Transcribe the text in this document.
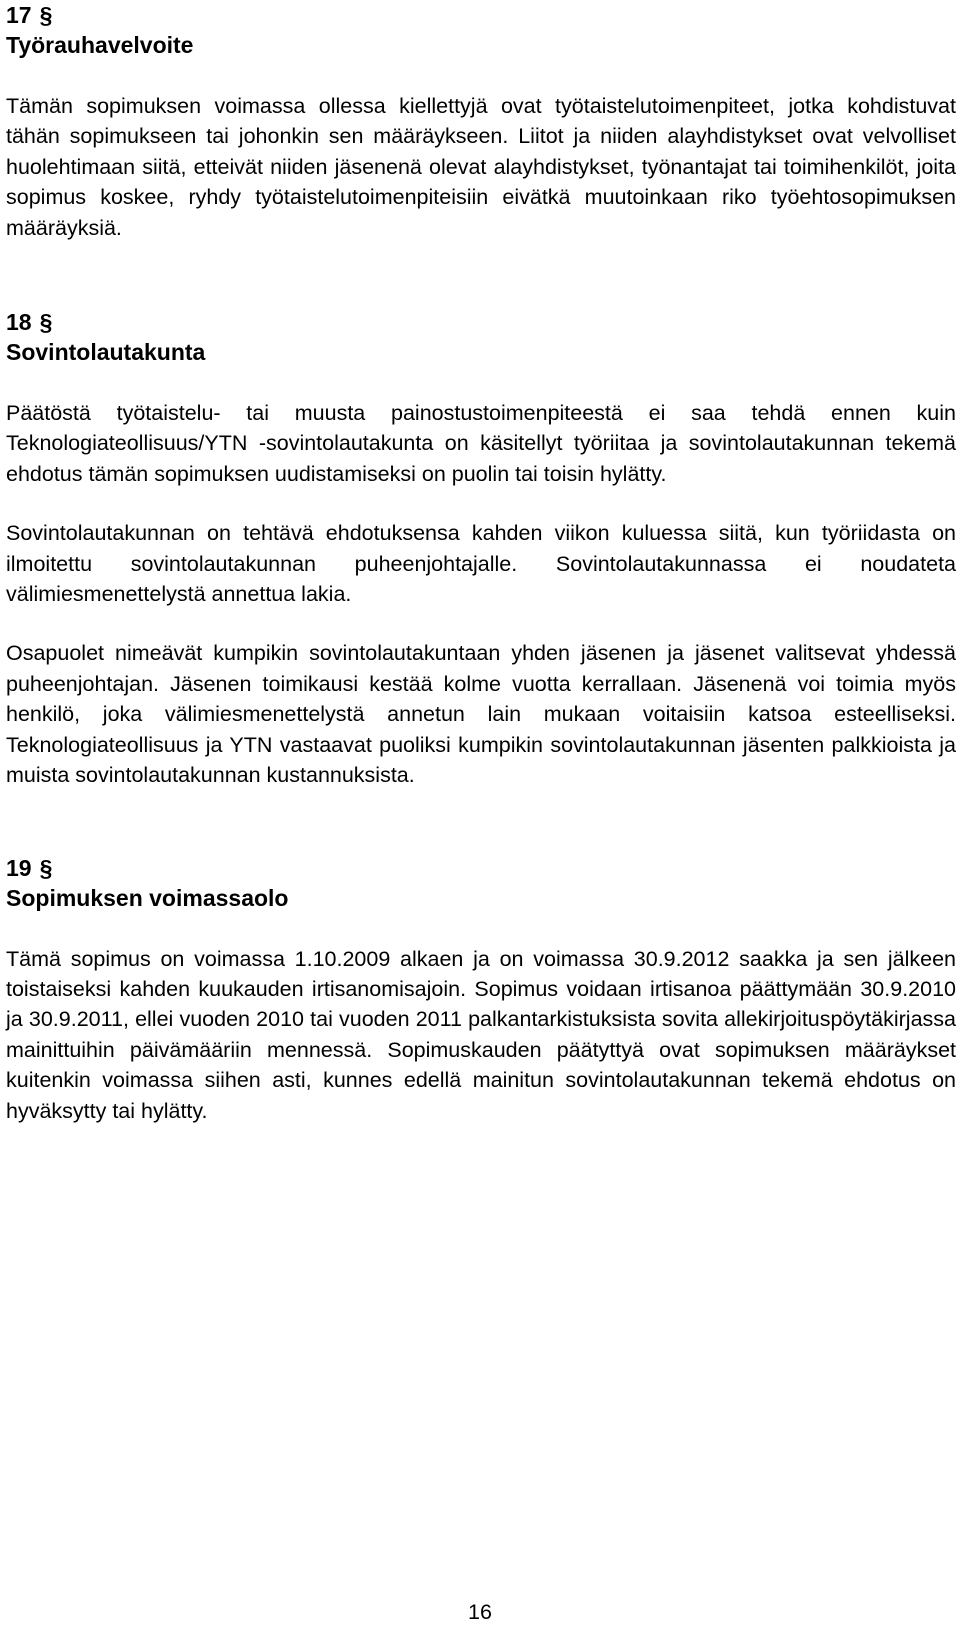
17 §
Työrauhavelvoite

Tämän sopimuksen voimassa ollessa kiellettyjä ovat työtaistelutoimenpiteet, jotka kohdistuvat tähän sopimukseen tai johonkin sen määräykseen. Liitot ja niiden alayhdistykset ovat velvolliset huolehtimaan siitä, etteivät niiden jäsenenä olevat alayhdistykset, työnantajat tai toimihenkilöt, joita sopimus koskee, ryhdy työtaistelutoimenpiteisiin eivätkä muutoinkaan riko työehtosopimuksen määräyksiä.

18 §
Sovintolautakunta

Päätöstä työtaistelu- tai muusta painostustoimenpiteestä ei saa tehdä ennen kuin Teknologiateollisuus/YTN -sovintolautakunta on käsitellyt työriitaa ja sovintolautakunnan tekemä ehdotus tämän sopimuksen uudistamiseksi on puolin tai toisin hylätty.

Sovintolautakunnan on tehtävä ehdotuksensa kahden viikon kuluessa siitä, kun työriidasta on ilmoitettu sovintolautakunnan puheenjohtajalle. Sovintolautakunnassa ei noudateta välimiesmenettelystä annettua lakia.

Osapuolet nimeävät kumpikin sovintolautakuntaan yhden jäsenen ja jäsenet valitsevat yhdessä puheenjohtajan. Jäsenen toimikausi kestää kolme vuotta kerrallaan. Jäsenenä voi toimia myös henkilö, joka välimiesmenettelystä annetun lain mukaan voitaisiin katsoa esteelliseksi. Teknologiateollisuus ja YTN vastaavat puoliksi kumpikin sovintolautakunnan jäsenten palkkioista ja muista sovintolautakunnan kustannuksista.

19 §
Sopimuksen voimassaolo

Tämä sopimus on voimassa 1.10.2009 alkaen ja on voimassa 30.9.2012 saakka ja sen jälkeen toistaiseksi kahden kuukauden irtisanomisajoin. Sopimus voidaan irtisanoa päättymään 30.9.2010 ja 30.9.2011, ellei vuoden 2010 tai vuoden 2011 palkantarkistuksista sovita allekirjoituspöytäkirjassa mainittuihin päivämääriin mennessä. Sopimuskauden päätyttyä ovat sopimuksen määräykset kuitenkin voimassa siihen asti, kunnes edellä mainitun sovintolautakunnan tekemä ehdotus on hyväksytty tai hylätty.

16
